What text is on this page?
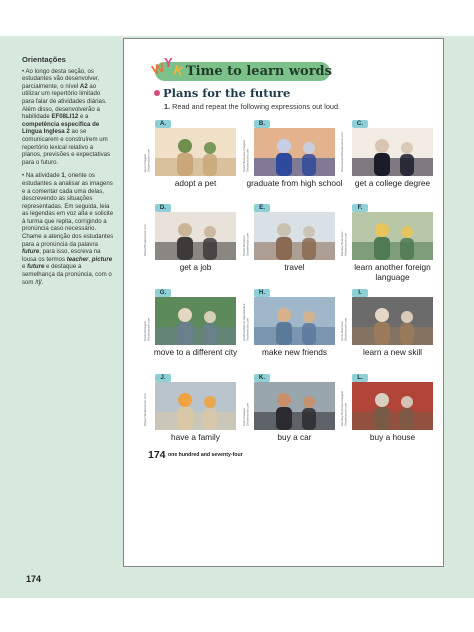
Orientações

• Ao longo desta seção, os estudantes vão desenvolver, parcialmente, o nível A2 ao utilizar um repertório limitado para falar de atividades diárias. Além disso, desenvolverão a habilidade EF08LI12 e a competência específica de Língua Inglesa 2 ao se comunicarem e construírem um repertório lexical relativo a planos, previsões e expectativas para o futuro.

• Na atividade 1, oriente os estudantes a analisar as imagens e a comentar cada uma delas, descrevendo as situações representadas. Em seguida, leia as legendas em voz alta e solicite à turma que repita, corrigindo a pronúncia caso necessário. Chame a atenção dos estudantes para a pronúncia da palavra future, para isso, escreva na lousa os termos teacher, picture e future e destaque a semelhança da pronúncia, com o som /tʃ/.

174
W
Y K Time to learn words
Plans for the future
1. Read and repeat the following expressions out loud.
A.
Hero Images/ Shutterstock.com
adopt a pet
B.
Stock Business Images/ Shutterstock.com
graduate from high school
C.
Sirtravelalot/Shutterstock.com
get a college degree
D.
fizkes/Shutterstock.com
get a job
E.
Kristin Reuters/ Shutterstock.com
travel
F.
Monkey Business/ Shutterstock.com
learn another foreign language
G.
Krakenimages/ Shutterstock.com
move to a different city
H.
pixelheadphoto digitalskillet/ Shutterstock.com
make new friends
I.
Hans Rasmus/ Shutterstock.com
learn a new skill
J.
fizkes/ Shutterstock.com
have a family
K.
Solis Images/ Shutterstock.com
buy a car
L.
Monkey Business Images/ Shutterstock.com
buy a house
174 one hundred and seventy-four
